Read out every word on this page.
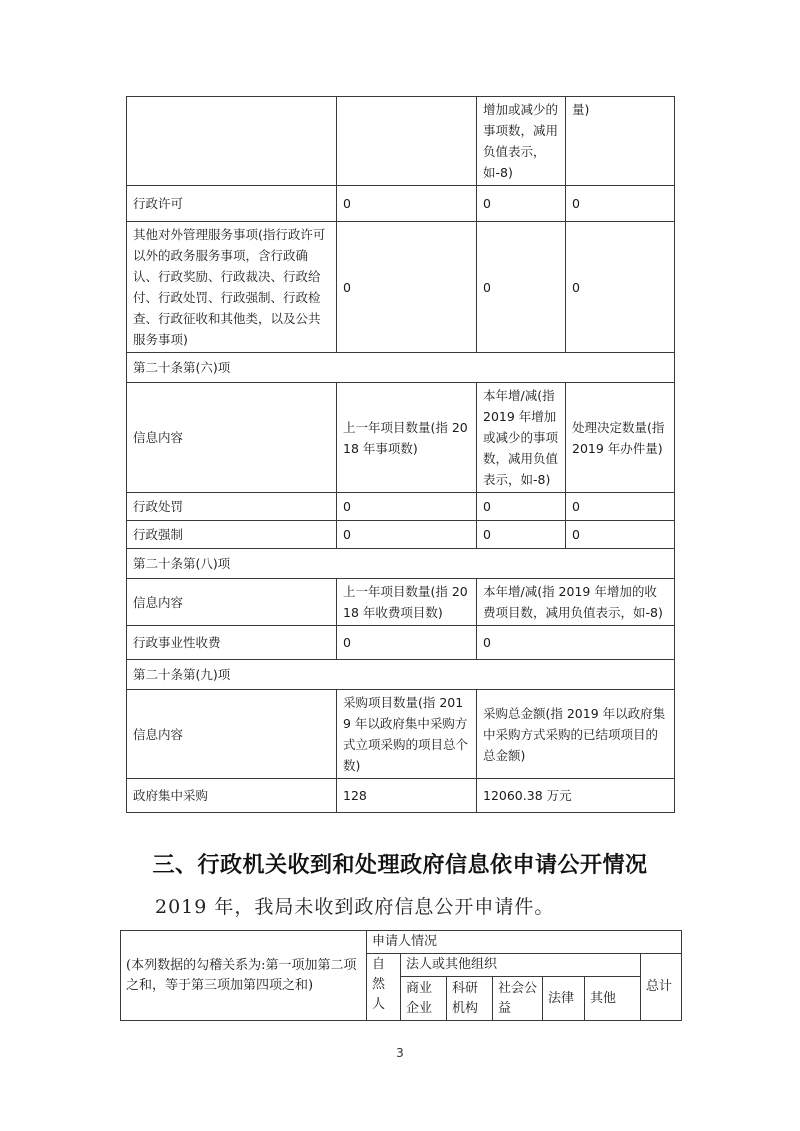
		增加或减少的事项数，减用负值表示，如-8)	量)
行政许可	0	0	0
其他对外管理服务事项(指行政许可以外的政务服务事项，含行政确认、行政奖励、行政裁决、行政给付、行政处罚、行政强制、行政检查、行政征收和其他类，以及公共服务事项)	0	0	0
第二十条第(六)项			
信息内容	上一年项目数量(指 2018 年事项数)	本年增/减(指 2019 年增加或减少的事项数，减用负值表示，如-8)	处理决定数量(指 2019 年办件量)
行政处罚	0	0	0
行政强制	0	0	0
第二十条第(八)项			
信息内容	上一年项目数量(指 2018 年收费项目数)	本年增/减(指 2019 年增加的收费项目数，减用负值表示，如-8)	
行政事业性收费	0	0	
第二十条第(九)项			
信息内容	采购项目数量(指 2019 年以政府集中采购方式立项采购的项目总个数)	采购总金额(指 2019 年以政府集中采购方式采购的已结项项目的总金额)	
政府集中采购	128	12060.38 万元	
三、行政机关收到和处理政府信息依申请公开情况

2019 年，我局未收到政府信息公开申请件。

(本列数据的勾稽关系为:第一项加第二项之和，等于第三项加第四项之和)	申请人情况						
	自然人	法人或其他组织					总计
		商业企业	科研机构	社会公益	法律	其他	
3
